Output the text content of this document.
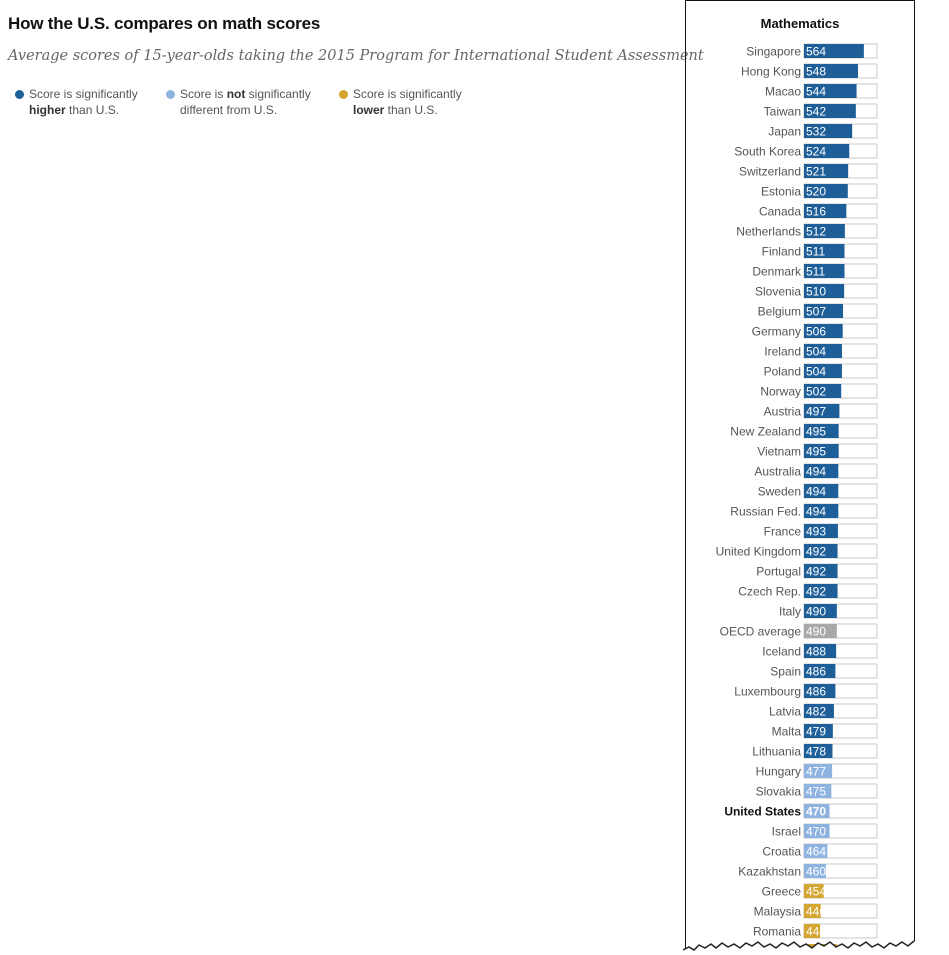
How the U.S. compares on math scores
Average scores of 15-year-olds taking the 2015 Program for International Student Assessment
Score is significantly
higher than U.S.
Score is not significantly
different from U.S.
Score is significantly
lower than U.S.
Mathematics
564
Singapore
548
Hong Kong
544
Macao
542
Taiwan
532
Japan
524
South Korea
521
Switzerland
520
Estonia
516
Canada
512
Netherlands
511
Finland
511
Denmark
510
Slovenia
507
Belgium
506
Germany
504
Ireland
504
Poland
502
Norway
497
Austria
495
New Zealand
495
Vietnam
494
Australia
494
Sweden
494
Russian Fed.
493
France
492
United Kingdom
492
Portugal
492
Czech Rep.
490
Italy
490
OECD average
488
Iceland
486
Spain
486
Luxembourg
482
Latvia
479
Malta
478
Lithuania
477
Hungary
475
Slovakia
470
United States
470
Israel
464
Croatia
460
Kazakhstan
454
Greece
446
Malaysia
444
Romania
